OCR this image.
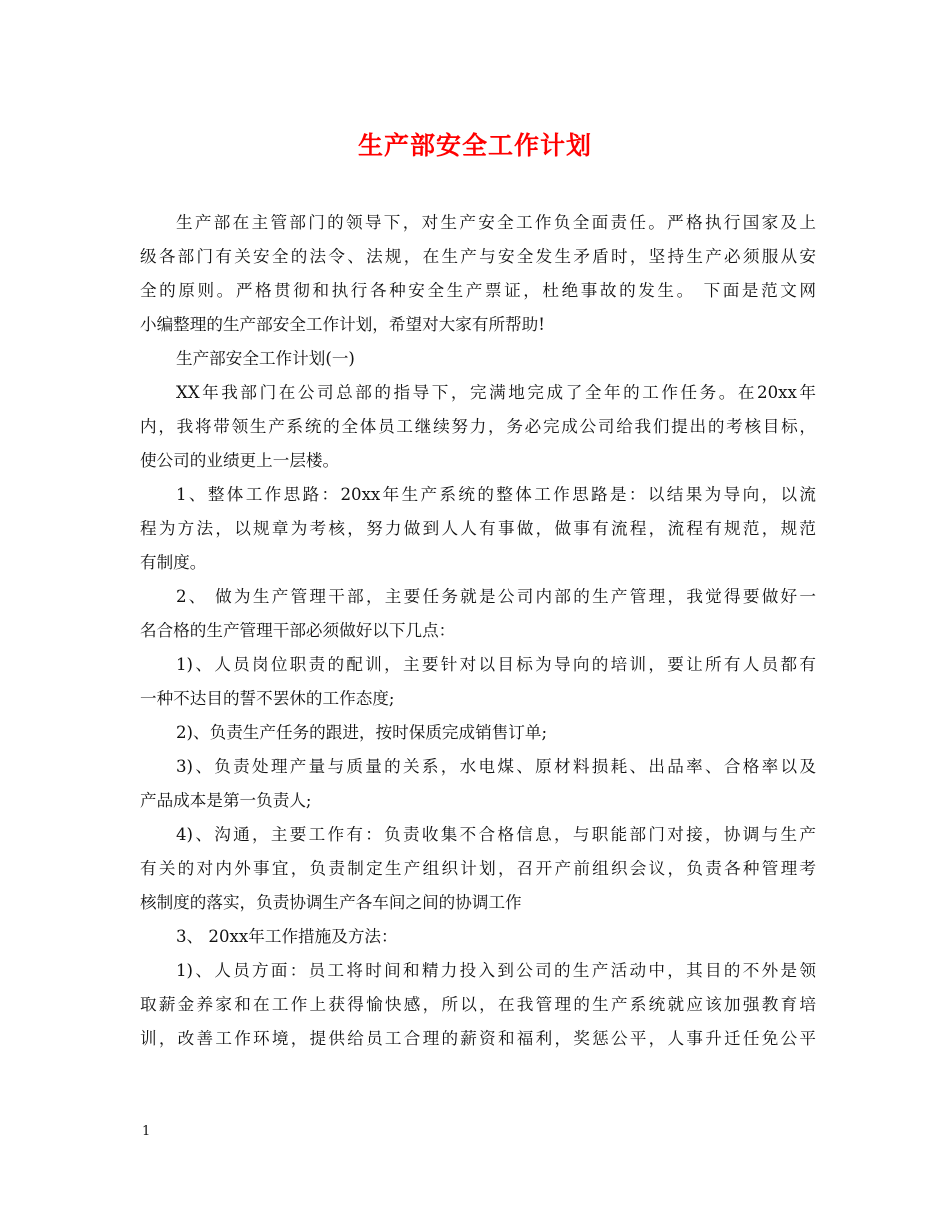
生产部安全工作计划
生产部在主管部门的领导下，对生产安全工作负全面责任。严格执行国家及上
级各部门有关安全的法令、法规，在生产与安全发生矛盾时，坚持生产必须服从安
全的原则。严格贯彻和执行各种安全生产票证，杜绝事故的发生。 下面是范文网
小编整理的生产部安全工作计划，希望对大家有所帮助!
生产部安全工作计划(一)
XX年我部门在公司总部的指导下，完满地完成了全年的工作任务。在20xx年
内，我将带领生产系统的全体员工继续努力，务必完成公司给我们提出的考核目标，
使公司的业绩更上一层楼。
1、整体工作思路：20xx年生产系统的整体工作思路是：以结果为导向，以流
程为方法，以规章为考核，努力做到人人有事做，做事有流程，流程有规范，规范
有制度。
2、 做为生产管理干部，主要任务就是公司内部的生产管理，我觉得要做好一
名合格的生产管理干部必须做好以下几点：
1)、人员岗位职责的配训，主要针对以目标为导向的培训，要让所有人员都有
一种不达目的誓不罢休的工作态度;
2)、负责生产任务的跟进，按时保质完成销售订单;
3)、负责处理产量与质量的关系，水电煤、原材料损耗、出品率、合格率以及
产品成本是第一负责人;
4)、沟通，主要工作有：负责收集不合格信息，与职能部门对接，协调与生产
有关的对内外事宜，负责制定生产组织计划，召开产前组织会议，负责各种管理考
核制度的落实，负责协调生产各车间之间的协调工作
3、 20xx年工作措施及方法：
1)、人员方面：员工将时间和精力投入到公司的生产活动中，其目的不外是领
取薪金养家和在工作上获得愉快感，所以，在我管理的生产系统就应该加强教育培
训，改善工作环境，提供给员工合理的薪资和福利，奖惩公平，人事升迁任免公平
1
